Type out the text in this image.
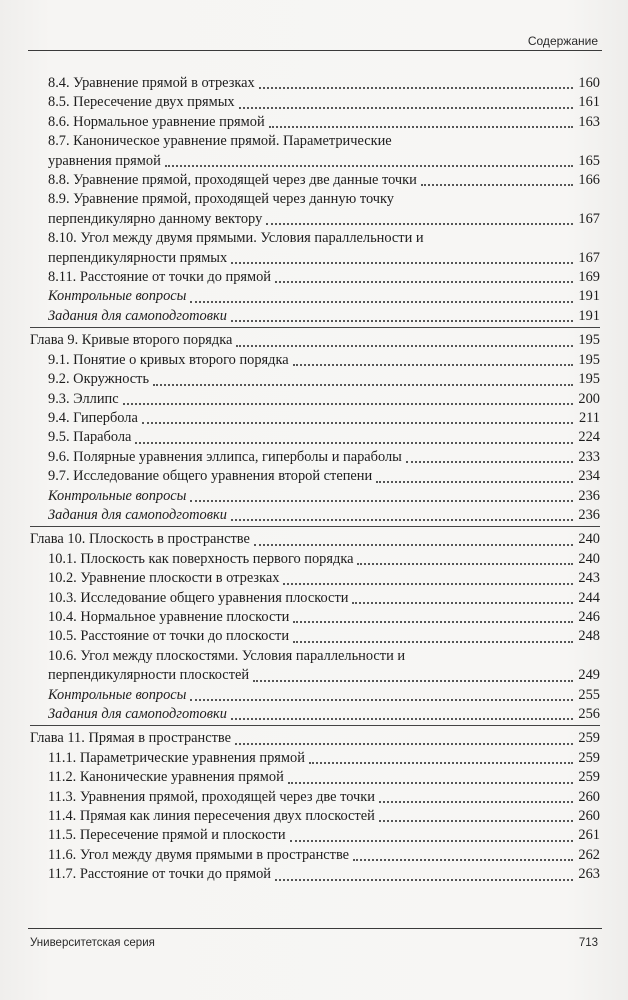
Содержание
8.4. Уравнение прямой в отрезках	160
8.5. Пересечение двух прямых	161
8.6. Нормальное уравнение прямой	163
8.7. Каноническое уравнение прямой. Параметрические
уравнения прямой	165
8.8. Уравнение прямой, проходящей через две данные точки	166
8.9. Уравнение прямой, проходящей через данную точку
перпендикулярно данному вектору	167
8.10. Угол между двумя прямыми. Условия параллельности и
перпендикулярности прямых	167
8.11. Расстояние от точки до прямой	169
Контрольные вопросы	191
Задания для самоподготовки	191
Глава 9. Кривые второго порядка	195
9.1. Понятие о кривых второго порядка	195
9.2. Окружность	195
9.3. Эллипс	200
9.4. Гипербола	211
9.5. Парабола	224
9.6. Полярные уравнения эллипса, гиперболы и параболы	233
9.7. Исследование общего уравнения второй степени	234
Контрольные вопросы	236
Задания для самоподготовки	236
Глава 10. Плоскость в пространстве	240
10.1. Плоскость как поверхность первого порядка	240
10.2. Уравнение плоскости в отрезках	243
10.3. Исследование общего уравнения плоскости	244
10.4. Нормальное уравнение плоскости	246
10.5. Расстояние от точки до плоскости	248
10.6. Угол между плоскостями. Условия параллельности и
перпендикулярности плоскостей	249
Контрольные вопросы	255
Задания для самоподготовки	256
Глава 11. Прямая в пространстве	259
11.1. Параметрические уравнения прямой	259
11.2. Канонические уравнения прямой	259
11.3. Уравнения прямой, проходящей через две точки	260
11.4. Прямая как линия пересечения двух плоскостей	260
11.5. Пересечение прямой и плоскости	261
11.6. Угол между двумя прямыми в пространстве	262
11.7. Расстояние от точки до прямой	263
Университетская серия	713
